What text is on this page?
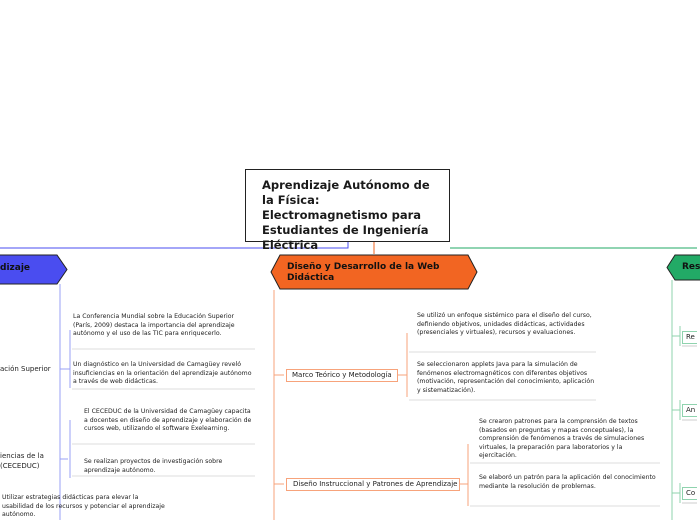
Aprendizaje Autónomo de la Física: Electromagnetismo para Estudiantes de Ingeniería Eléctrica
dizaje	Diseño y Desarrollo de la Web Didáctica
Res
ación Superior
La Conferencia Mundial sobre la Educación Superior (París, 2009) destaca la importancia del aprendizaje autónomo y el uso de las TIC para enriquecerlo.
Un diagnóstico en la Universidad de Camagüey reveló insuficiencias en la orientación del aprendizaje autónomo a través de web didácticas.
iencias de la
(CECEDUC)
El CECEDUC de la Universidad de Camagüey capacita a docentes en diseño de aprendizaje y elaboración de cursos web, utilizando el software Exelearning.
Se realizan proyectos de investigación sobre aprendizaje autónomo.
Utilizar estrategias didácticas para elevar la usabilidad de los recursos y potenciar el aprendizaje autónomo.
Marco Teórico y Metodología
Se utilizó un enfoque sistémico para el diseño del curso, definiendo objetivos, unidades didácticas, actividades (presenciales y virtuales), recursos y evaluaciones.
Se seleccionaron applets Java para la simulación de fenómenos electromagnéticos con diferentes objetivos (motivación, representación del conocimiento, aplicación y sistematización).
Diseño Instruccional y Patrones de Aprendizaje
Se crearon patrones para la comprensión de textos (basados en preguntas y mapas conceptuales), la comprensión de fenómenos a través de simulaciones virtuales, la preparación para laboratorios y la ejercitación.
Se elaboró un patrón para la aplicación del conocimiento mediante la resolución de problemas.
Re
An
Co
